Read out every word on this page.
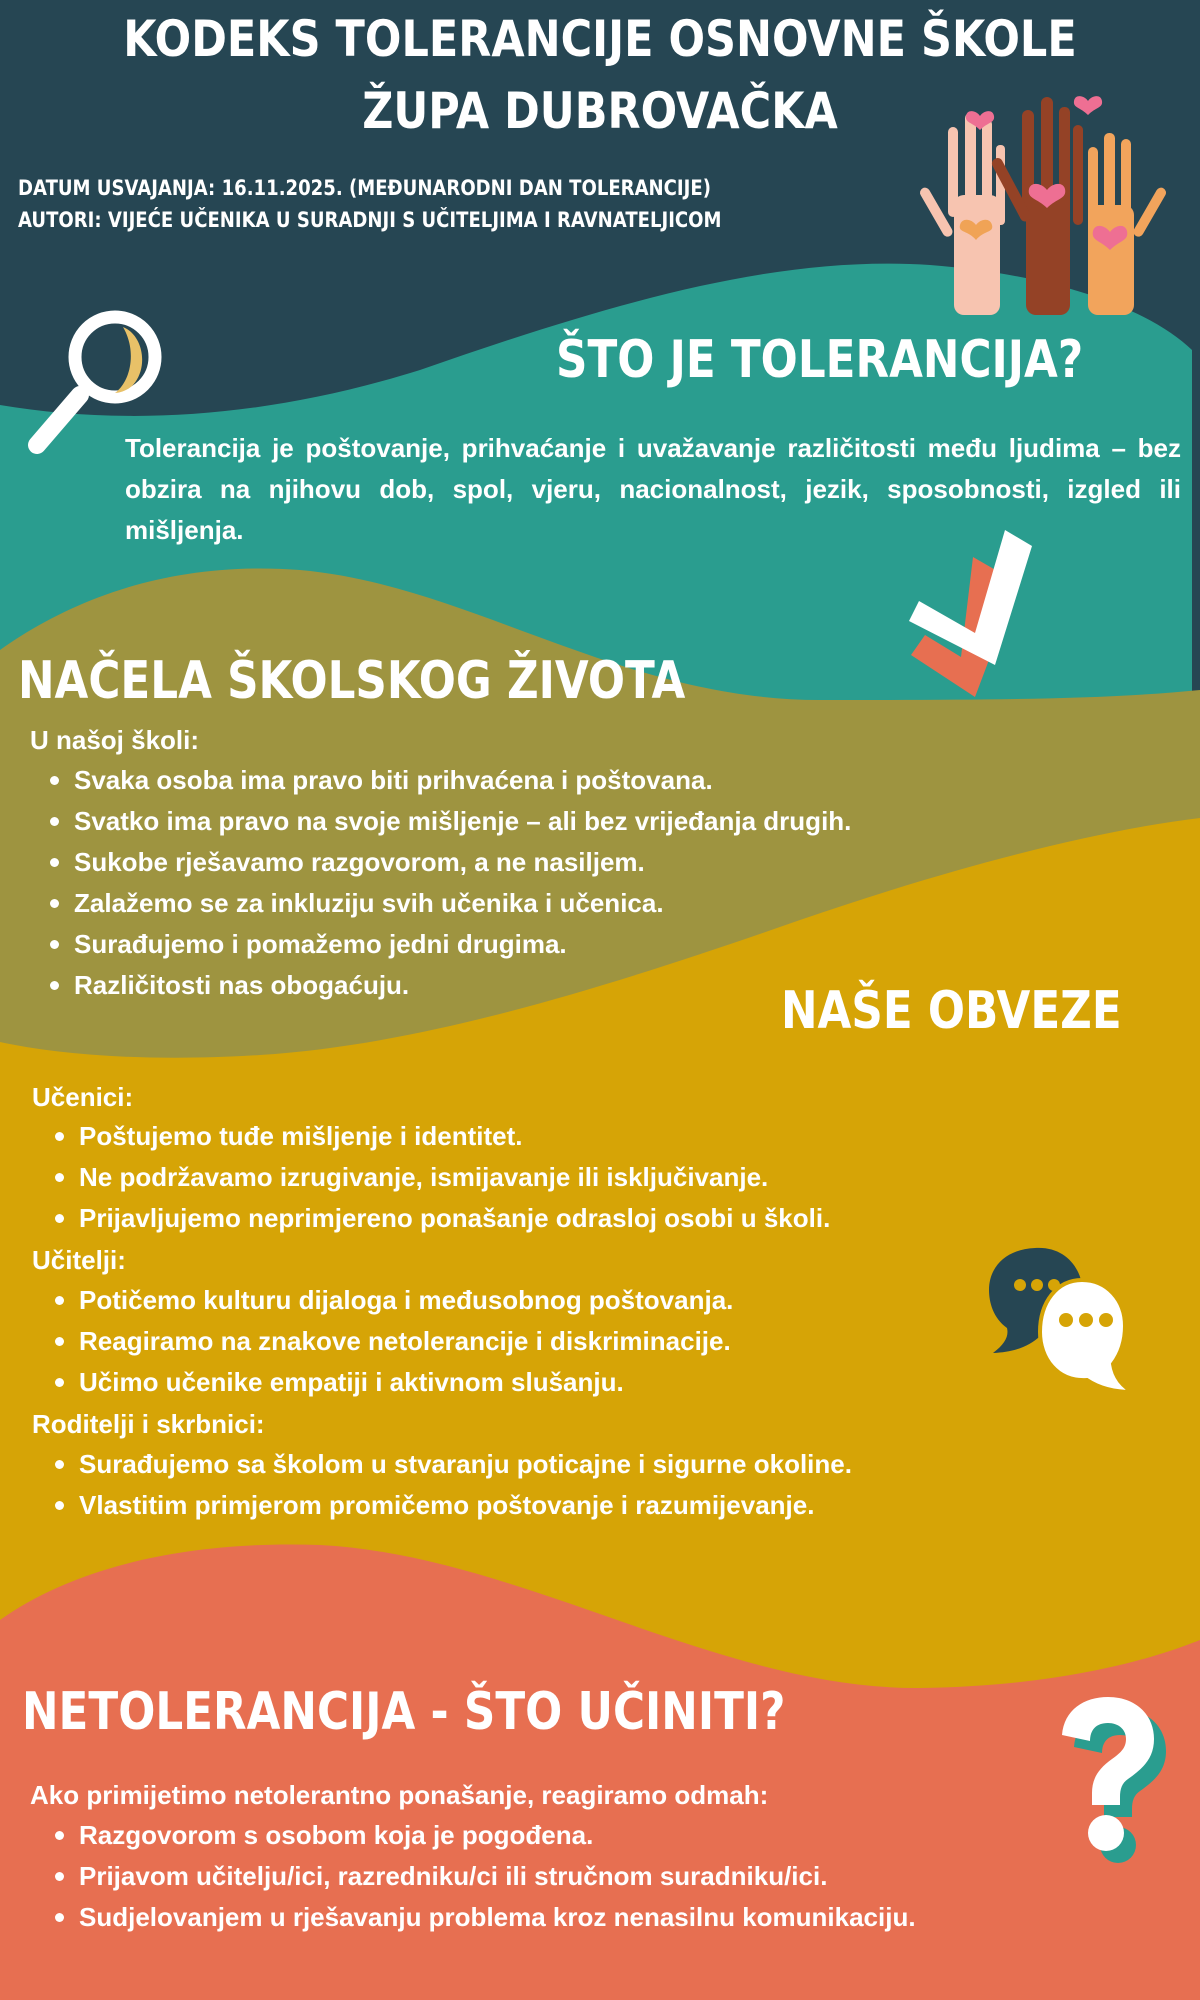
KODEKS TOLERANCIJE OSNOVNE ŠKOLE
ŽUPA DUBROVAČKA
DATUM USVAJANJA: 16.11.2025. (MEĐUNARODNI DAN TOLERANCIJE)
AUTORI: VIJEĆE UČENIKA U SURADNJI S UČITELJIMA I RAVNATELJICOM
ŠTO JE TOLERANCIJA?
Tolerancija je poštovanje, prihvaćanje i uvažavanje različitosti među ljudima – bez obzira na njihovu dob, spol, vjeru, nacionalnost, jezik, sposobnosti, izgled ili mišljenja.
NAČELA ŠKOLSKOG ŽIVOTA
U našoj školi:
Svaka osoba ima pravo biti prihvaćena i poštovana.
Svatko ima pravo na svoje mišljenje – ali bez vrijeđanja drugih.
Sukobe rješavamo razgovorom, a ne nasiljem.
Zalažemo se za inkluziju svih učenika i učenica.
Surađujemo i pomažemo jedni drugima.
Različitosti nas obogaćuju.	NAŠE OBVEZE
Učenici:
Poštujemo tuđe mišljenje i identitet.
Ne podržavamo izrugivanje, ismijavanje ili isključivanje.
Prijavljujemo neprimjereno ponašanje odrasloj osobi u školi.
Učitelji:
Potičemo kulturu dijaloga i međusobnog poštovanja.
Reagiramo na znakove netolerancije i diskriminacije.
Učimo učenike empatiji i aktivnom slušanju.
Roditelji i skrbnici:
Surađujemo sa školom u stvaranju poticajne i sigurne okoline.
Vlastitim primjerom promičemo poštovanje i razumijevanje.
NETOLERANCIJA - ŠTO UČINITI?
Ako primijetimo netolerantno ponašanje, reagiramo odmah:
Razgovorom s osobom koja je pogođena.
Prijavom učitelju/ici, razredniku/ci ili stručnom suradniku/ici.
Sudjelovanjem u rješavanju problema kroz nenasilnu komunikaciju.
